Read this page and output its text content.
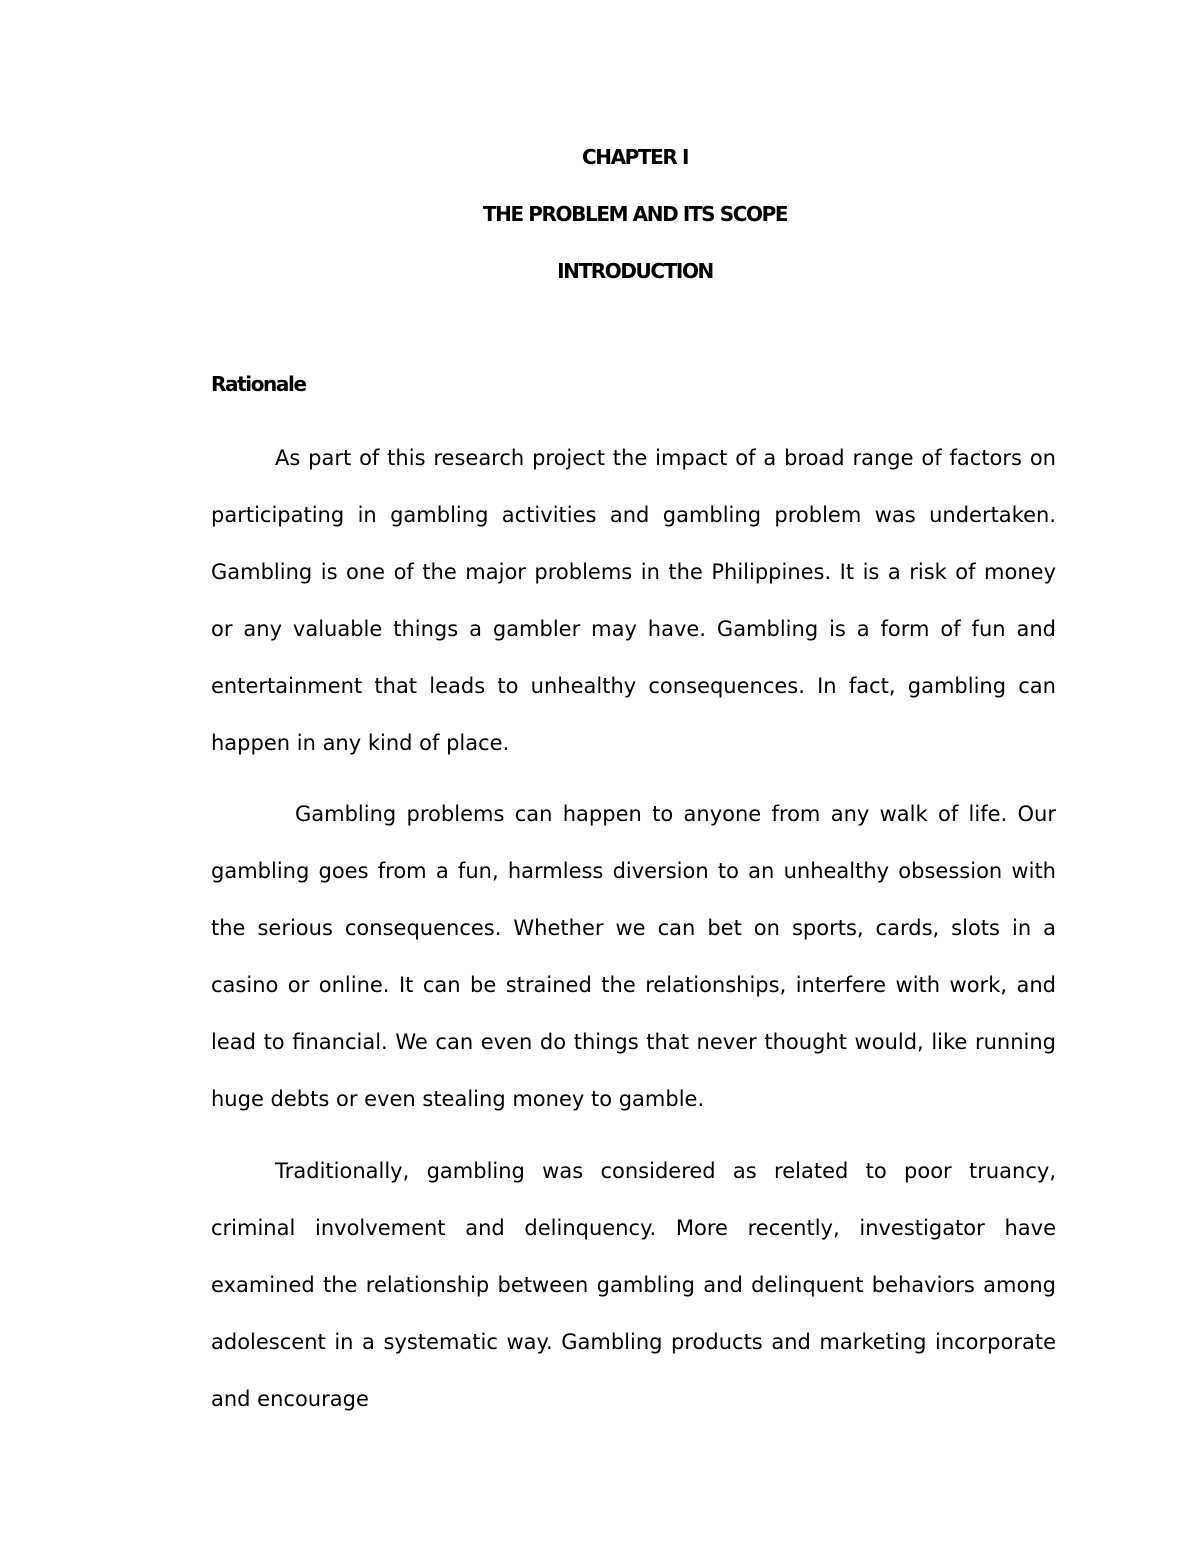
CHAPTER I
THE PROBLEM AND ITS SCOPE
INTRODUCTION
Rationale

As part of this research project the impact of a broad range of factors on participating in gambling activities and gambling problem was undertaken. Gambling is one of the major problems in the Philippines. It is a risk of money or any valuable things a gambler may have. Gambling is a form of fun and entertainment that leads to unhealthy consequences. In fact, gambling can happen in any kind of place.

Gambling problems can happen to anyone from any walk of life. Our gambling goes from a fun, harmless diversion to an unhealthy obsession with the serious consequences. Whether we can bet on sports, cards, slots in a casino or online. It can be strained the relationships, interfere with work, and lead to financial. We can even do things that never thought would, like running huge debts or even stealing money to gamble.

Traditionally, gambling was considered as related to poor truancy, criminal involvement and delinquency. More recently, investigator have examined the relationship between gambling and delinquent behaviors among adolescent in a systematic way. Gambling products and marketing incorporate and encourage
